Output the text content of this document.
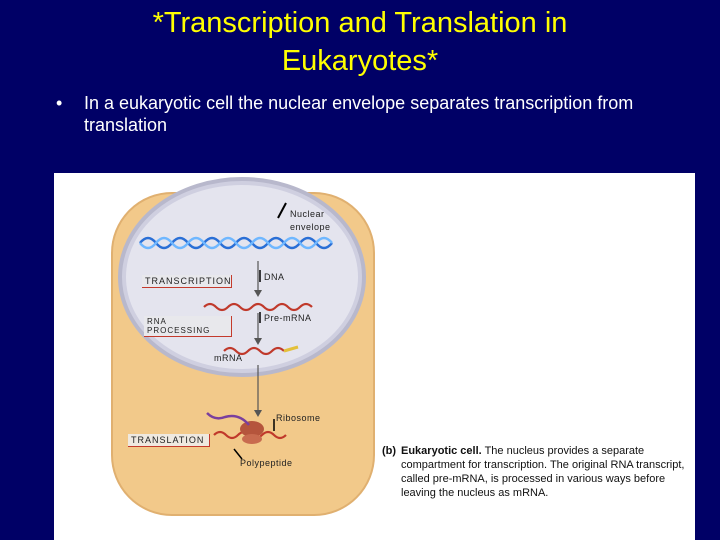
*Transcription and Translation in
Eukaryotes*
• In a eukaryotic cell the nuclear envelope separates transcription from translation
Nuclear
envelope
TRANSCRIPTION	DNA
RNA PROCESSING
Pre-mRNA
mRNA
Ribosome
TRANSLATION
Polypeptide
(b) Eukaryotic cell. The nucleus provides a separate compartment for transcription. The original RNA transcript, called pre-mRNA, is processed in various ways before leaving the nucleus as mRNA.
